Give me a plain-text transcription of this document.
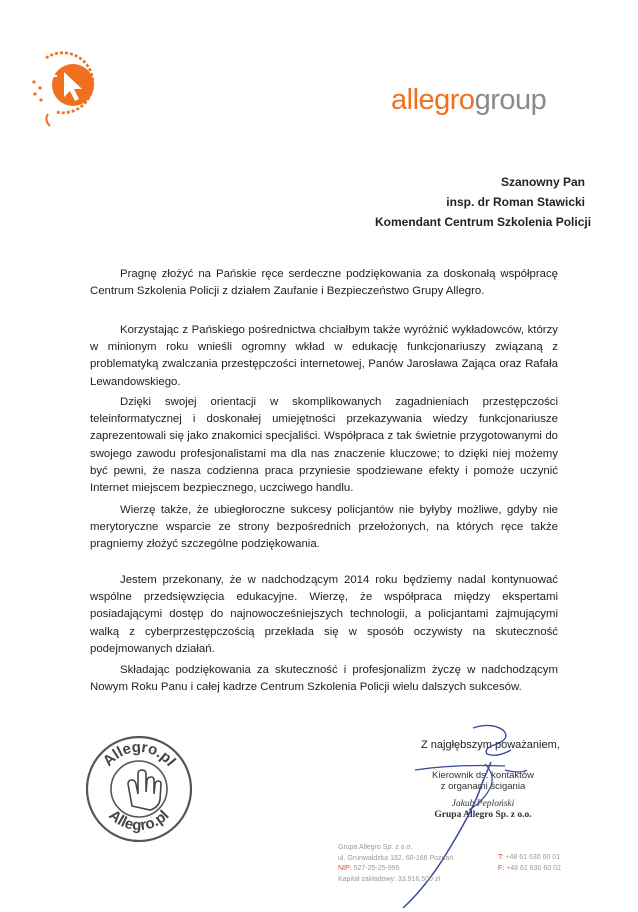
allegrogroup
Szanowny Pan
insp. dr Roman Stawicki
Komendant Centrum Szkolenia Policji

Pragnę złożyć na Pańskie ręce serdeczne podziękowania za doskonałą współpracę Centrum Szkolenia Policji z działem Zaufanie i Bezpieczeństwo Grupy Allegro.

Korzystając z Pańskiego pośrednictwa chciałbym także wyróżnić wykładowców, którzy w minionym roku wnieśli ogromny wkład w edukację funkcjonariuszy związaną z problematyką zwalczania przestępczości internetowej, Panów Jarosława Zająca oraz Rafała Lewandowskiego.

Dzięki swojej orientacji w skomplikowanych zagadnieniach przestępczości teleinformatycznej i doskonałej umiejętności przekazywania wiedzy funkcjonariusze zaprezentowali się jako znakomici specjaliści. Współpraca z tak świetnie przygotowanymi do swojego zawodu profesjonalistami ma dla nas znaczenie kluczowe; to dzięki niej możemy być pewni, że nasza codzienna praca przyniesie spodziewane efekty i pomoże uczynić Internet miejscem bezpiecznego, uczciwego handlu.

Wierzę także, że ubiegłoroczne sukcesy policjantów nie byłyby możliwe, gdyby nie merytoryczne wsparcie ze strony bezpośrednich przełożonych, na których ręce także pragniemy złożyć szczególne podziękowania.

Jestem przekonany, że w nadchodzącym 2014 roku będziemy nadal kontynuować wspólne przedsięwzięcia edukacyjne. Wierzę, że współpraca między ekspertami posiadającymi dostęp do najnowocześniejszych technologii, a policjantami zajmującymi walką z cyberprzestępczością przekłada się w sposób oczywisty na skuteczność podejmowanych działań.

Składając podziękowania za skuteczność i profesjonalizm życzę w nadchodzącym Nowym Roku Panu i całej kadrze Centrum Szkolenia Policji wielu dalszych sukcesów.

Z najgłębszym poważaniem,
Kierownik ds. kontaktów
z organami ścigania
Jakub Peploński
Grupa Allegro Sp. z o.o.
Allegro.pl
Allegro.pl
Grupa Allegro Sp. z o.o.
ul. Grunwaldzka 182, 60-166 Poznań
NIP: 527-25-25-995
Kapitał zakładowy: 33.916.500 zł
T: +48 61 630 60 01
F: +48 61 630 60 02
